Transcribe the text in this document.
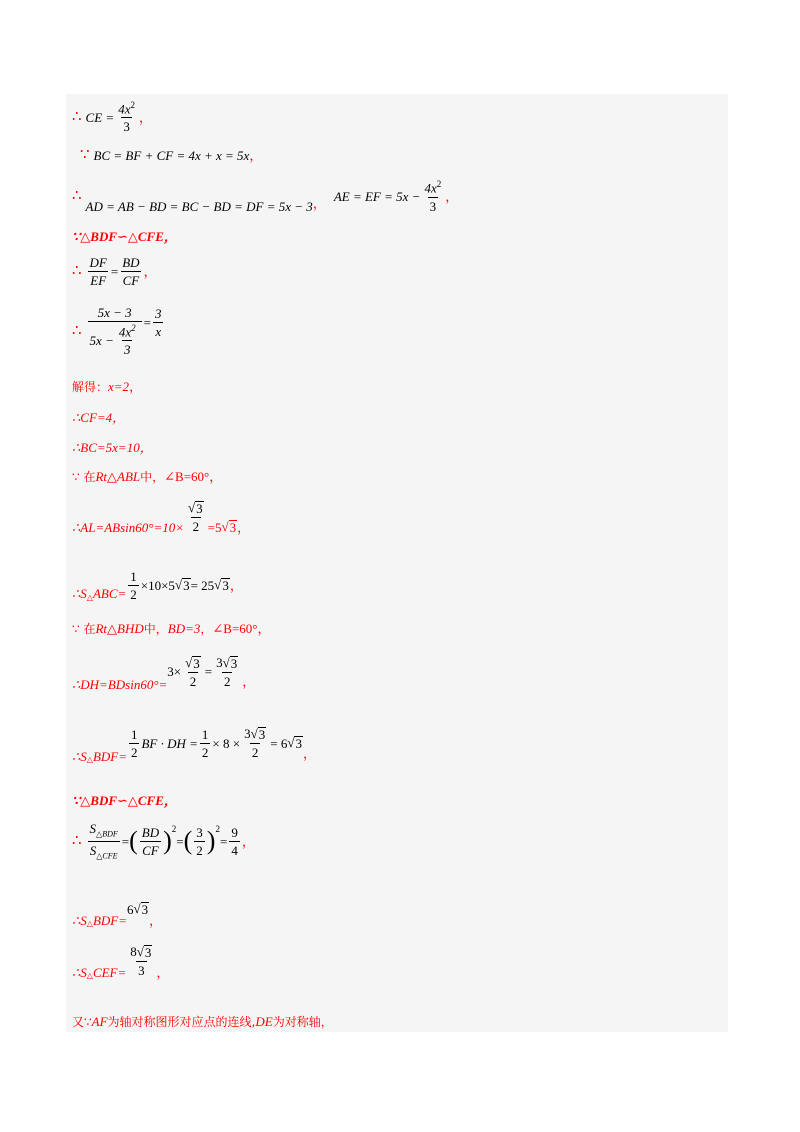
∴ CE = $\frac{4x^2}{3}$ ，
∵ BC = BF + CF = 4x + x = 5x ，
∴
AD = AB − BD = BC − BD = DF = 5x − 3 ， AE = EF = $5x - \frac{4x^2}{3}$ ，
∵△BDF∽△CFE，
∴ $\frac{DF}{EF} = \frac{BD}{CF}$ ，
∴ $\frac{5x - 3}{5x - \frac{4x^2}{3}} = \frac{3}{x}$
解得： x=2 ，
∴CF=4，
∴BC=5x=10，
∵ 在 Rt△ABL 中， ∠B=60° ，
∴AL=ABsin60°=10× $\frac{√ 3}{2} =5$ √ 3 ，
$\therefore S_\triangle$ $ABC= \frac{1}{2} \times 10\times 5$ √ 3 = 25 √ 3 ，
∵ 在 Rt△BHD 中， BD=3 ， ∠B=60° ，
∴DH=BDsin60°=
$3\times \frac{√ 3}{2} = \frac{3√ 3}{2}$ ，
$\therefore S_\triangle$ $BDF= \frac{1}{2}$ BF · DH = $\frac{1}{2} \times 8 \times \frac{3√ 3}{2} = 6$ √ 3
，
∵△BDF∽△CFE，
∴ $\frac{S_{\triangle BDF}}{S_{\triangle CFE}}$ = ( $\frac{BD}{CF} )^2$
= ( $\frac{3}{2} )^2$
= $\frac{9}{4}$ ，
$\therefore S_\triangle$ BDF=
6 √ 3
，
$\therefore S_\triangle$ $CEF= \frac{8√ 3}{3}$ ，
又∵ AF 为轴对称图形对应点的连线, DE 为对称轴，
